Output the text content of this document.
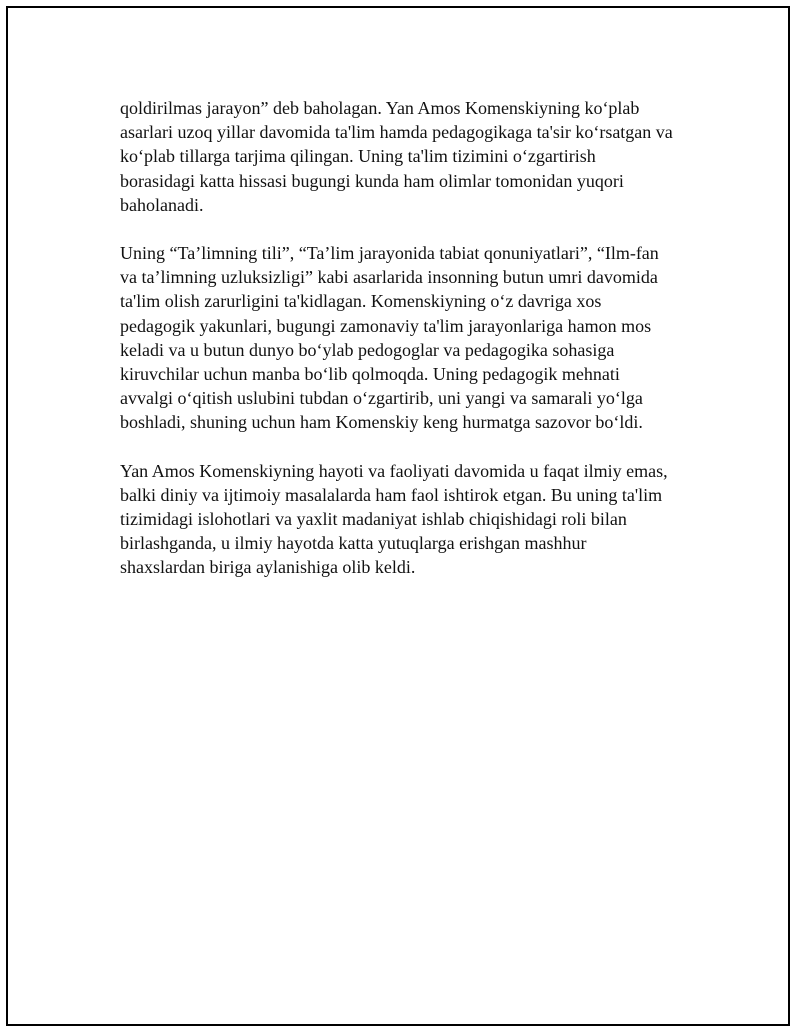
qoldirilmas jarayon” deb baholagan. Yan Amos Komenskiyning ko‘plab
asarlari uzoq yillar davomida ta'lim hamda pedagogikaga ta'sir ko‘rsatgan va
ko‘plab tillarga tarjima qilingan. Uning ta'lim tizimini o‘zgartirish
borasidagi katta hissasi bugungi kunda ham olimlar tomonidan yuqori
baholanadi.

Uning “Ta’limning tili”, “Ta’lim jarayonida tabiat qonuniyatlari”, “Ilm-fan
va ta’limning uzluksizligi” kabi asarlarida insonning butun umri davomida
ta'lim olish zarurligini ta'kidlagan. Komenskiyning o‘z davriga xos
pedagogik yakunlari, bugungi zamonaviy ta'lim jarayonlariga hamon mos
keladi va u butun dunyo bo‘ylab pedogoglar va pedagogika sohasiga
kiruvchilar uchun manba bo‘lib qolmoqda. Uning pedagogik mehnati
avvalgi o‘qitish uslubini tubdan o‘zgartirib, uni yangi va samarali yo‘lga
boshladi, shuning uchun ham Komenskiy keng hurmatga sazovor bo‘ldi.

Yan Amos Komenskiyning hayoti va faoliyati davomida u faqat ilmiy emas,
balki diniy va ijtimoiy masalalarda ham faol ishtirok etgan. Bu uning ta'lim
tizimidagi islohotlari va yaxlit madaniyat ishlab chiqishidagi roli bilan
birlashganda, u ilmiy hayotda katta yutuqlarga erishgan mashhur
shaxslardan biriga aylanishiga olib keldi.
